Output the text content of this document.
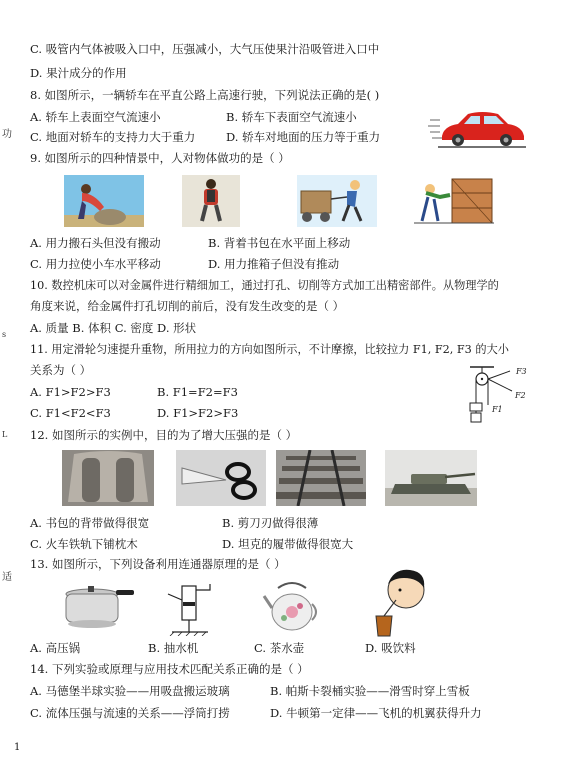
功
s
L
适
C. 吸管内气体被吸入口中，压强减小，大气压使果汁沿吸管进入口中
D. 果汁成分的作用
8. 如图所示，一辆轿车在平直公路上高速行驶，下列说法正确的是( )
A. 轿车上表面空气流速小	B. 轿车下表面空气流速小
C. 地面对轿车的支持力大于重力	D. 轿车对地面的压力等于重力
9. 如图所示的四种情景中，人对物体做功的是（ ）
A. 用力搬石头但没有搬动	B. 背着书包在水平面上移动
C. 用力拉使小车水平移动	D. 用力推箱子但没有推动
10. 数控机床可以对金属件进行精细加工，通过打孔、切削等方式加工出精密部件。从物理学的
角度来说，给金属件打孔切削的前后，没有发生改变的是（ ）
A. 质量 B. 体积 C. 密度 D. 形状
11. 用定滑轮匀速提升重物，所用拉力的方向如图所示，不计摩擦，比较拉力 F1, F2, F3 的大小
关系为（ ）
A. F1>F2>F3	B. F1=F2=F3
C. F1<F2<F3	D. F1>F2>F3
F3
F2
F1
12. 如图所示的实例中，目的为了增大压强的是（ ）
A. 书包的背带做得很宽	B. 剪刀刃做得很薄
C. 火车铁轨下铺枕木	D. 坦克的履带做得很宽大
13. 如图所示，下列设备利用连通器原理的是（ ）
A. 高压锅	B. 抽水机	C. 茶水壶	D. 吸饮料
14. 下列实验或原理与应用技术匹配关系正确的是（ ）
A. 马德堡半球实验——用吸盘搬运玻璃	B. 帕斯卡裂桶实验——滑雪时穿上雪板
C. 流体压强与流速的关系——浮筒打捞	D. 牛顿第一定律——飞机的机翼获得升力
1
